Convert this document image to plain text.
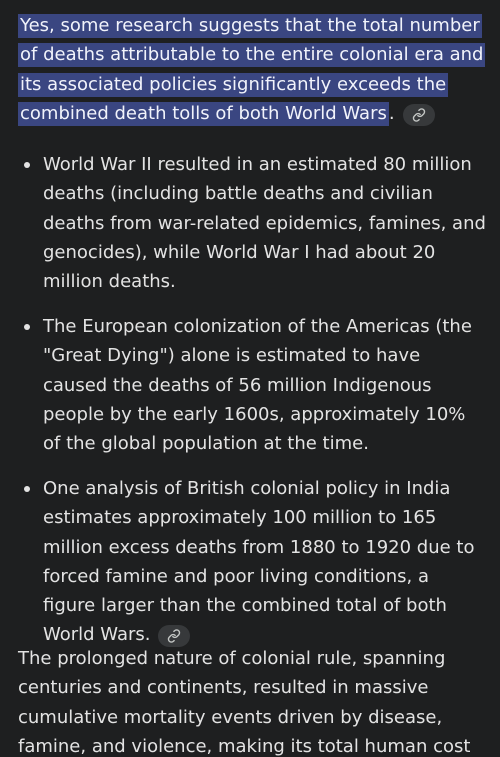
Yes, some research suggests that the total number of deaths attributable to the entire colonial era and its associated policies significantly exceeds the combined death tolls of both World Wars .

World War II resulted in an estimated 80 million deaths (including battle deaths and civilian deaths from war-related epidemics, famines, and genocides), while World War I had about 20 million deaths.
The European colonization of the Americas (the "Great Dying") alone is estimated to have caused the deaths of 56 million Indigenous people by the early 1600s, approximately 10% of the global population at the time.
One analysis of British colonial policy in India estimates approximately 100 million to 165 million excess deaths from 1880 to 1920 due to forced famine and poor living conditions, a figure larger than the combined total of both World Wars.

The prolonged nature of colonial rule, spanning centuries and continents, resulted in massive cumulative mortality events driven by disease, famine, and violence, making its total human cost
